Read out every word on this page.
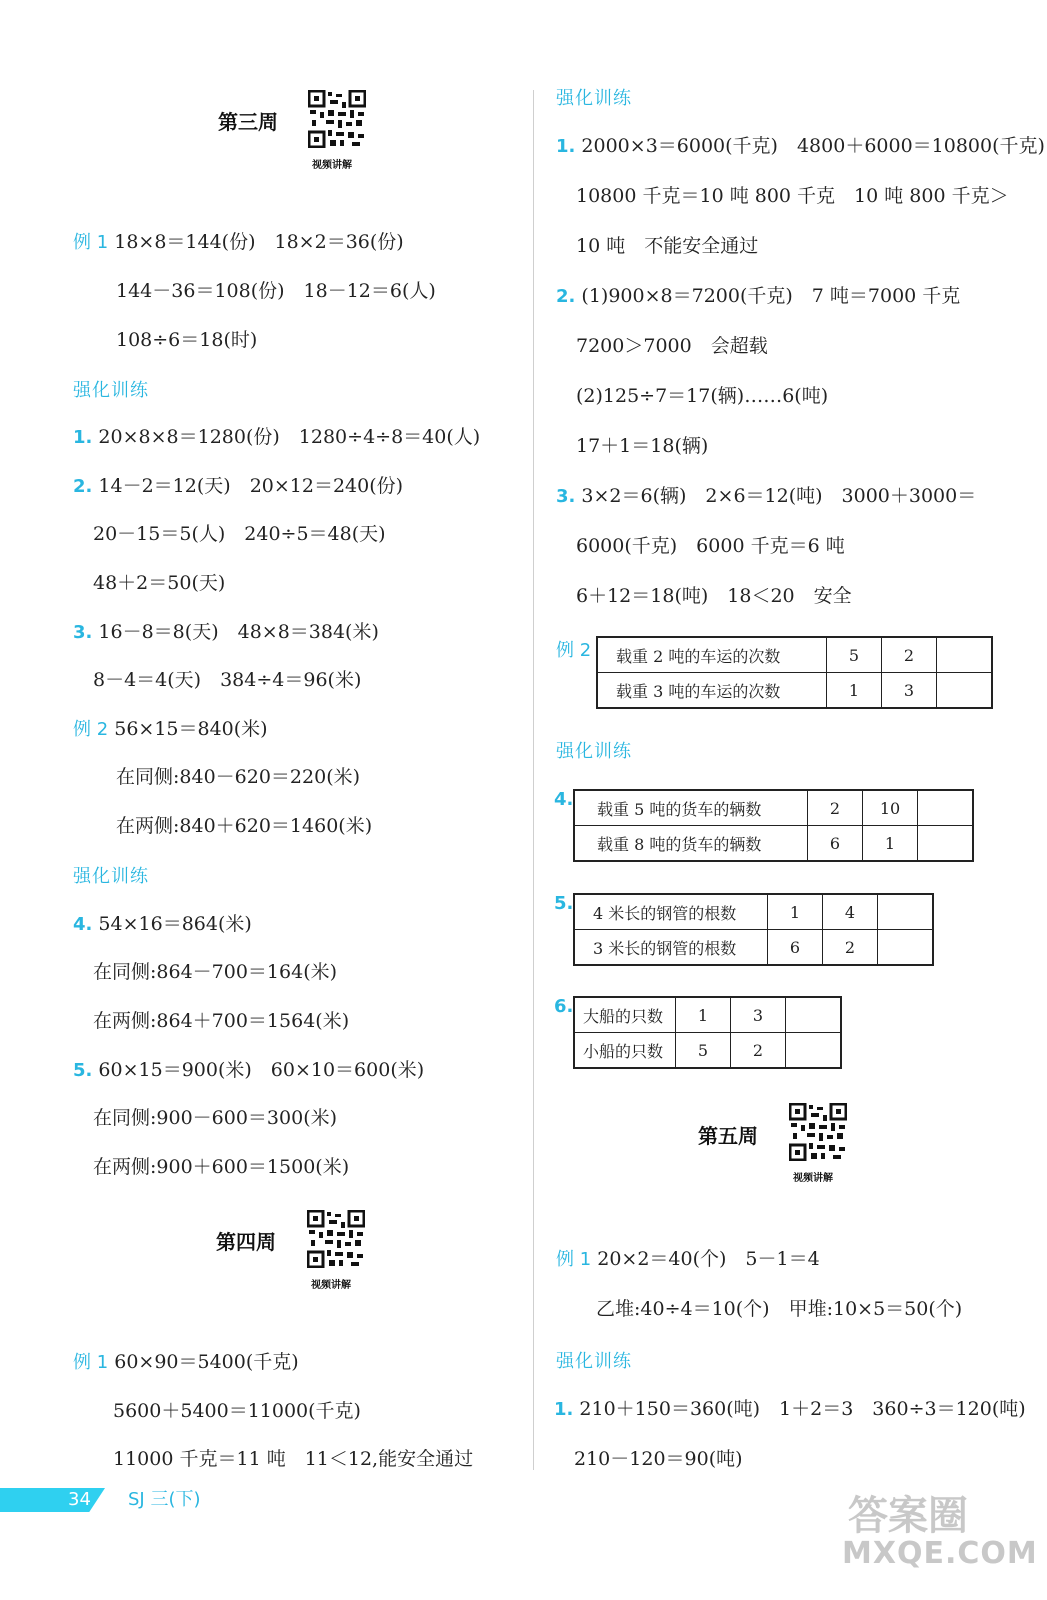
第三周
视频讲解
例 1 18×8＝144(份)　18×2＝36(份)
144－36＝108(份)　18－12＝6(人)
108÷6＝18(时)
强化训练
1. 20×8×8＝1280(份)　1280÷4÷8＝40(人)
2. 14－2＝12(天)　20×12＝240(份)
20－15＝5(人)　240÷5＝48(天)
48＋2＝50(天)
3. 16－8＝8(天)　48×8＝384(米)
8－4＝4(天)　384÷4＝96(米)
例 2 56×15＝840(米)
在同侧:840－620＝220(米)
在两侧:840＋620＝1460(米)
强化训练
4. 54×16＝864(米)
在同侧:864－700＝164(米)
在两侧:864＋700＝1564(米)
5. 60×15＝900(米)　60×10＝600(米)
在同侧:900－600＝300(米)
在两侧:900＋600＝1500(米)
第四周
视频讲解
例 1 60×90＝5400(千克)
5600＋5400＝11000(千克)
11000 千克＝11 吨　11＜12,能安全通过
强化训练
1. 2000×3＝6000(千克)　4800＋6000＝10800(千克)
10800 千克＝10 吨 800 千克　10 吨 800 千克＞
10 吨　不能安全通过
2. (1)900×8＝7200(千克)　7 吨＝7000 千克
7200＞7000　会超载
(2)125÷7＝17(辆)……6(吨)
17＋1＝18(辆)
3. 3×2＝6(辆)　2×6＝12(吨)　3000＋3000＝
6000(千克)　6000 千克＝6 吨
6＋12＝18(吨)　18＜20　安全
例 2 载重 2 吨的车运的次数	5	2	
载重 3 吨的车运的次数	1	3	
强化训练
4. 载重 5 吨的货车的辆数	2	10	
载重 8 吨的货车的辆数	6	1	
5. 4 米长的钢管的根数	1	4	
3 米长的钢管的根数	6	2	
6. 大船的只数	1	3	
小船的只数	5	2	
第五周
视频讲解
例 1 20×2＝40(个)　5－1＝4
乙堆:40÷4＝10(个)　甲堆:10×5＝50(个)
强化训练
1. 210＋150＝360(吨)　1＋2＝3　360÷3＝120(吨)
210－120＝90(吨)
34 SJ 三(下)	答案圈
MXQE.COM
